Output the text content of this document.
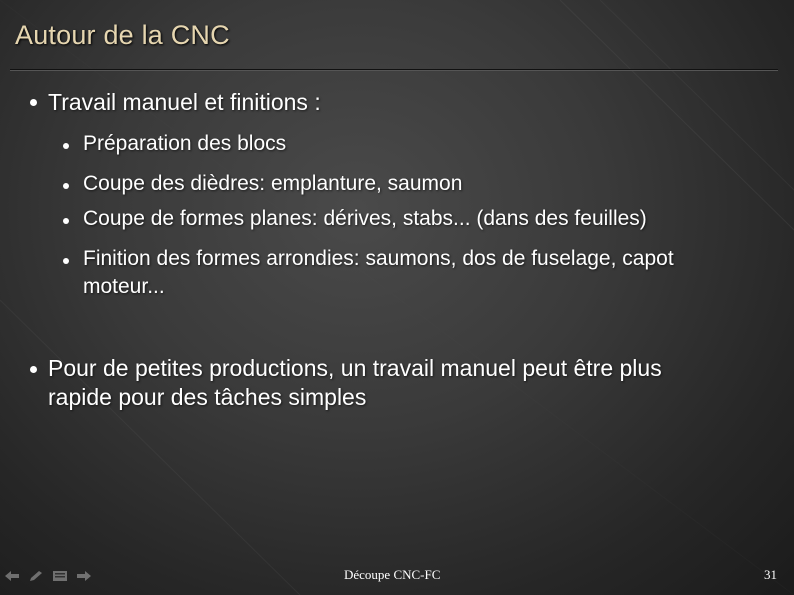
Autour de la CNC
Travail manuel et finitions :
Préparation des blocs
Coupe des dièdres: emplanture, saumon
Coupe de formes planes: dérives, stabs... (dans des feuilles)
Finition des formes arrondies: saumons, dos de fuselage, capot
moteur...
Pour de petites productions, un travail manuel peut être plus
rapide pour des tâches simples
Découpe CNC-FC	31
